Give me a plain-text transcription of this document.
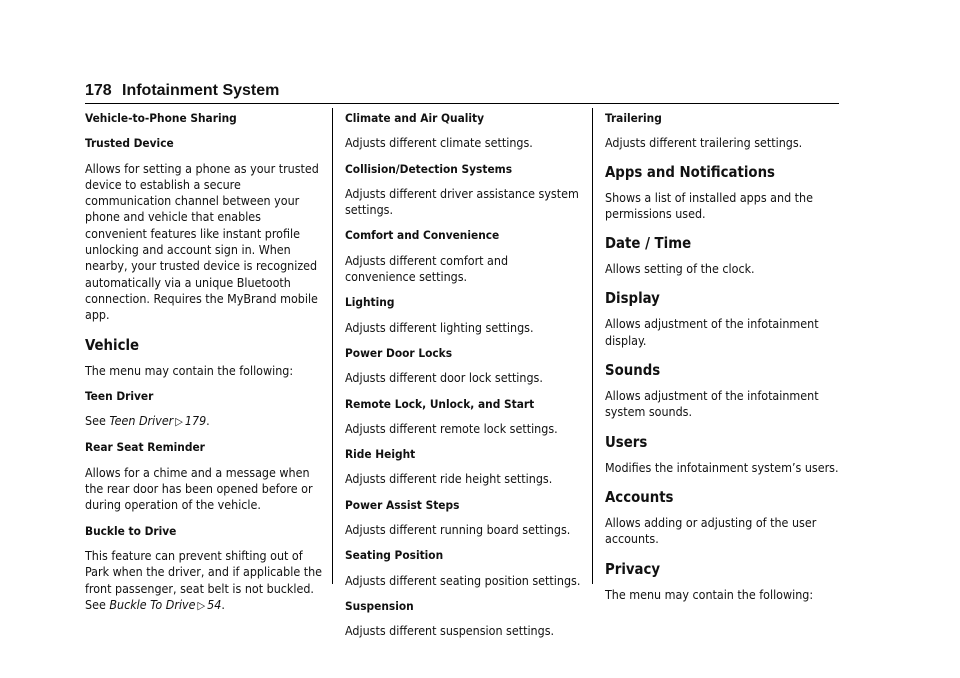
178 Infotainment System
Vehicle-to-Phone Sharing
Trusted Device
Allows for setting a phone as your trusted device to establish a secure communication channel between your phone and vehicle that enables convenient features like instant profile unlocking and account sign in. When nearby, your trusted device is recognized automatically via a unique Bluetooth connection. Requires the MyBrand mobile app.
Vehicle
The menu may contain the following:
Teen Driver
See Teen Driver ▷ 179.
Rear Seat Reminder
Allows for a chime and a message when the rear door has been opened before or during operation of the vehicle.
Buckle to Drive
This feature can prevent shifting out of Park when the driver, and if applicable the front passenger, seat belt is not buckled. See Buckle To Drive ▷ 54.
Climate and Air Quality
Adjusts different climate settings.
Collision/Detection Systems
Adjusts different driver assistance system settings.
Comfort and Convenience
Adjusts different comfort and convenience settings.
Lighting
Adjusts different lighting settings.
Power Door Locks
Adjusts different door lock settings.
Remote Lock, Unlock, and Start
Adjusts different remote lock settings.
Ride Height
Adjusts different ride height settings.
Power Assist Steps
Adjusts different running board settings.
Seating Position
Adjusts different seating position settings.
Suspension
Adjusts different suspension settings.
Trailering
Adjusts different trailering settings.
Apps and Notifications
Shows a list of installed apps and the permissions used.
Date / Time
Allows setting of the clock.
Display
Allows adjustment of the infotainment display.
Sounds
Allows adjustment of the infotainment system sounds.
Users
Modifies the infotainment system’s users.
Accounts
Allows adding or adjusting of the user accounts.
Privacy
The menu may contain the following:
